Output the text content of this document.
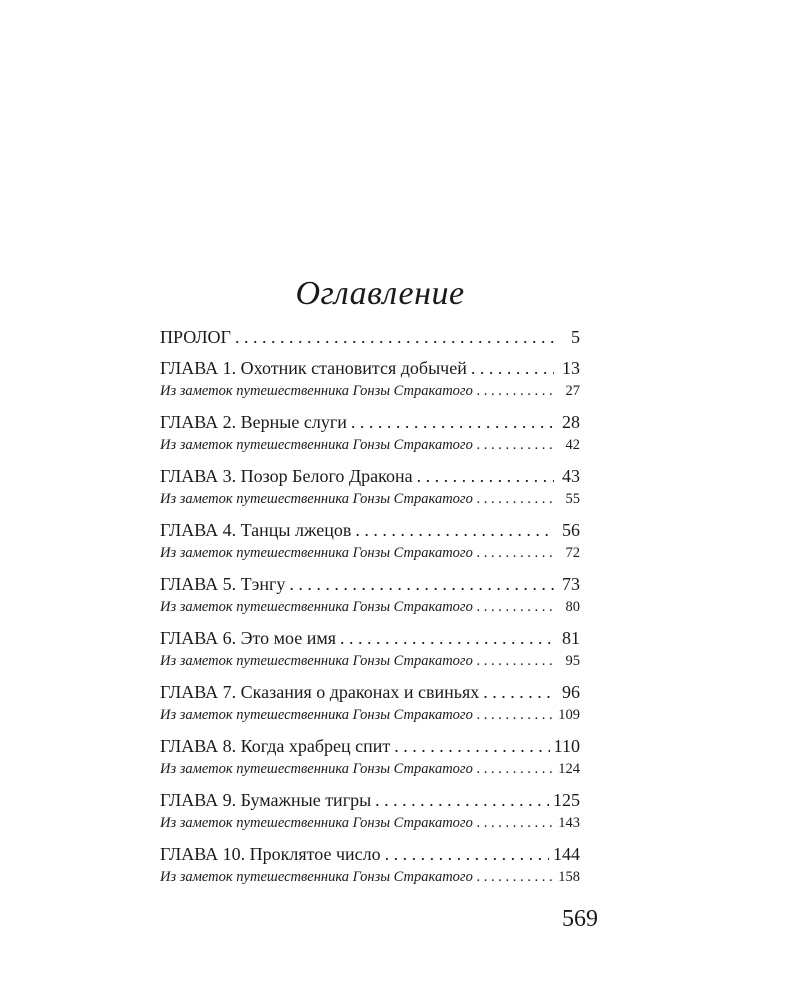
Оглавление
ПРОЛОГ . . .	5
ГЛАВА 1. Охотник становится добычей . . .	13
Из заметок путешественника Гонзы Стракатого . . .	27
ГЛАВА 2. Верные слуги . . .	28
Из заметок путешественника Гонзы Стракатого . . .	42
ГЛАВА 3. Позор Белого Дракона . . .	43
Из заметок путешественника Гонзы Стракатого . . .	55
ГЛАВА 4. Танцы лжецов . . .	56
Из заметок путешественника Гонзы Стракатого . . .	72
ГЛАВА 5. Тэнгу . . .	73
Из заметок путешественника Гонзы Стракатого . . .	80
ГЛАВА 6. Это мое имя . . .	81
Из заметок путешественника Гонзы Стракатого . . .	95
ГЛАВА 7. Сказания о драконах и свиньях . . .	96
Из заметок путешественника Гонзы Стракатого . . .	109
ГЛАВА 8. Когда храбрец спит . . .	110
Из заметок путешественника Гонзы Стракатого . . .	124
ГЛАВА 9. Бумажные тигры . . .	125
Из заметок путешественника Гонзы Стракатого . . .	143
ГЛАВА 10. Проклятое число . . .	144
Из заметок путешественника Гонзы Стракатого . . .	158
569
